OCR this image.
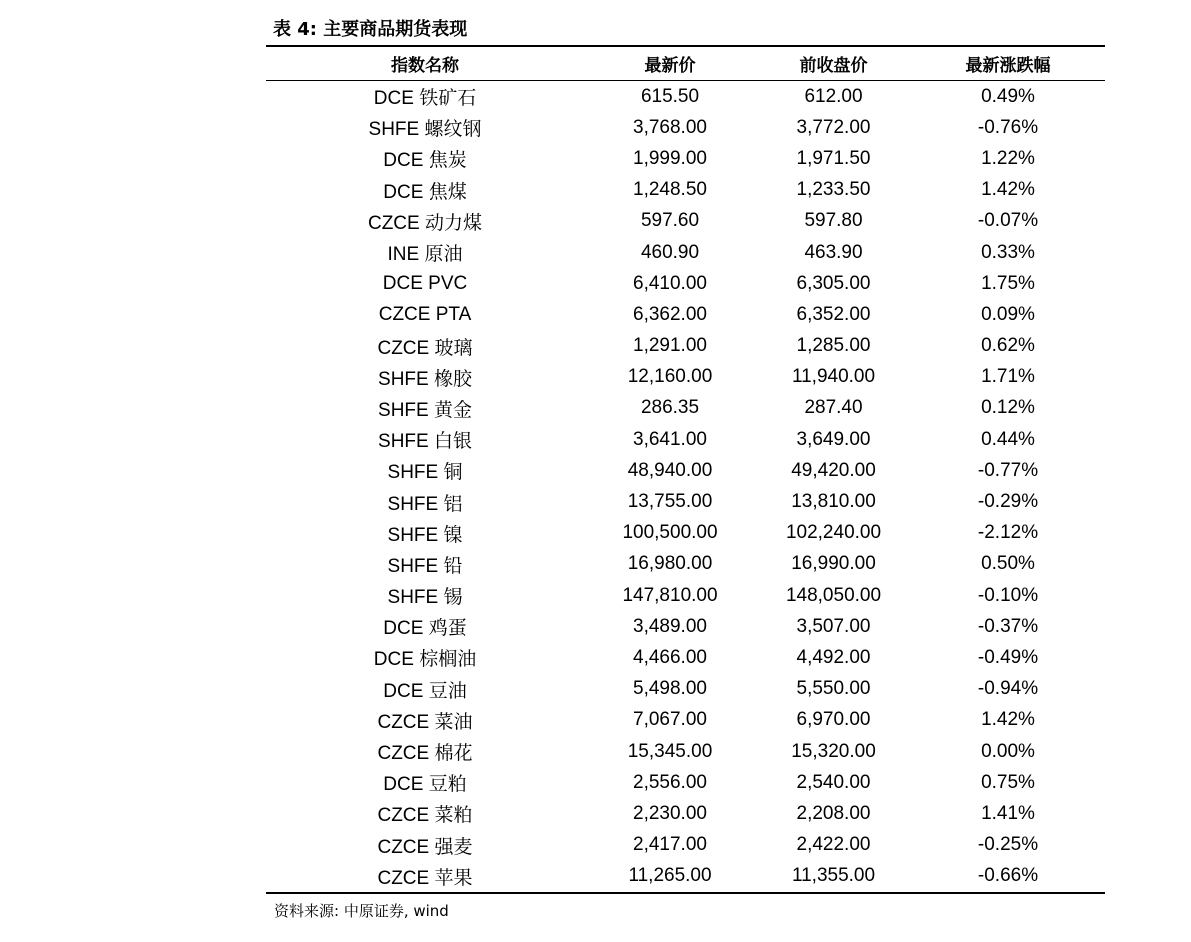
表 4: 主要商品期货表现
指数名称	最新价	前收盘价	最新涨跌幅
DCE 铁矿石	615.50	612.00	0.49%
SHFE 螺纹钢	3,768.00	3,772.00	-0.76%
DCE 焦炭	1,999.00	1,971.50	1.22%
DCE 焦煤	1,248.50	1,233.50	1.42%
CZCE 动力煤	597.60	597.80	-0.07%
INE 原油	460.90	463.90	0.33%
DCE PVC	6,410.00	6,305.00	1.75%
CZCE PTA	6,362.00	6,352.00	0.09%
CZCE 玻璃	1,291.00	1,285.00	0.62%
SHFE 橡胶	12,160.00	11,940.00	1.71%
SHFE 黄金	286.35	287.40	0.12%
SHFE 白银	3,641.00	3,649.00	0.44%
SHFE 铜	48,940.00	49,420.00	-0.77%
SHFE 铝	13,755.00	13,810.00	-0.29%
SHFE 镍	100,500.00	102,240.00	-2.12%
SHFE 铅	16,980.00	16,990.00	0.50%
SHFE 锡	147,810.00	148,050.00	-0.10%
DCE 鸡蛋	3,489.00	3,507.00	-0.37%
DCE 棕榈油	4,466.00	4,492.00	-0.49%
DCE 豆油	5,498.00	5,550.00	-0.94%
CZCE 菜油	7,067.00	6,970.00	1.42%
CZCE 棉花	15,345.00	15,320.00	0.00%
DCE 豆粕	2,556.00	2,540.00	0.75%
CZCE 菜粕	2,230.00	2,208.00	1.41%
CZCE 强麦	2,417.00	2,422.00	-0.25%
CZCE 苹果	11,265.00	11,355.00	-0.66%
资料来源: 中原证券, wind
